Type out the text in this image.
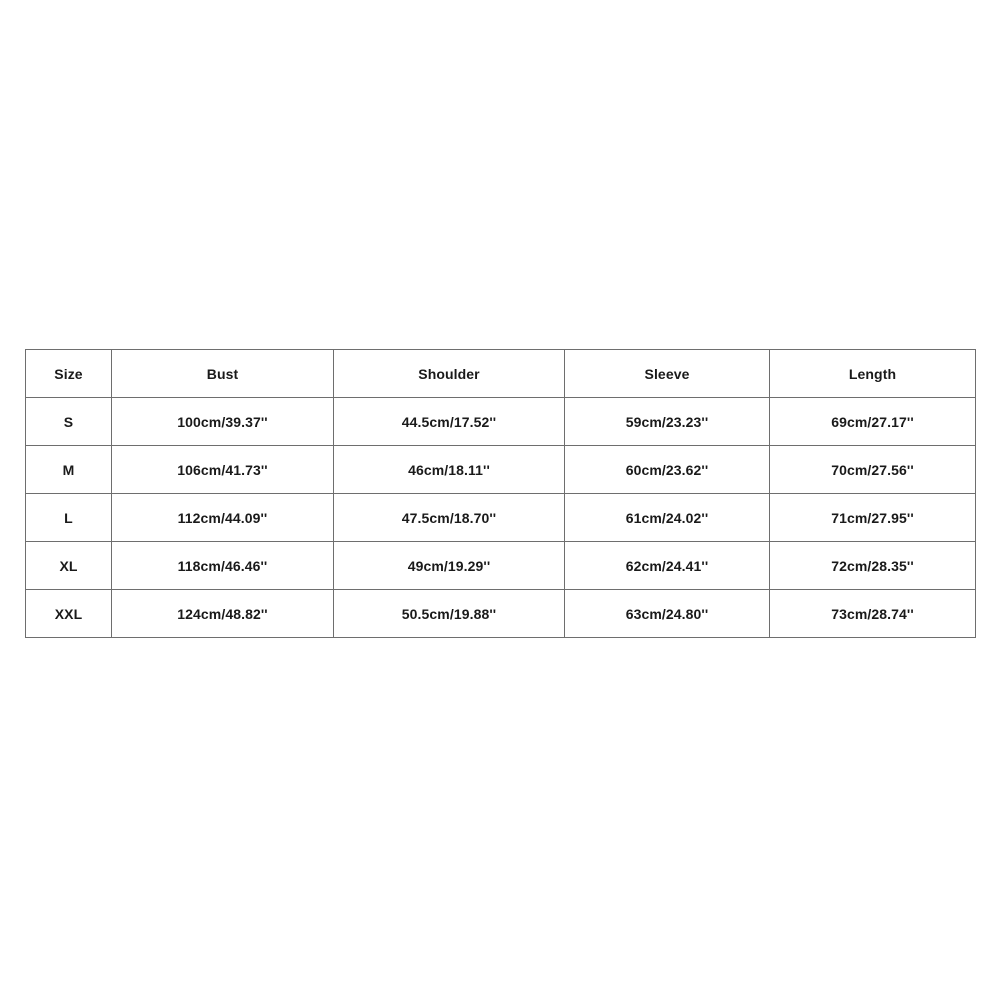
Size	Bust	Shoulder	Sleeve	Length
S	100cm/39.37''	44.5cm/17.52''	59cm/23.23''	69cm/27.17''
M	106cm/41.73''	46cm/18.11''	60cm/23.62''	70cm/27.56''
L	112cm/44.09''	47.5cm/18.70''	61cm/24.02''	71cm/27.95''
XL	118cm/46.46''	49cm/19.29''	62cm/24.41''	72cm/28.35''
XXL	124cm/48.82''	50.5cm/19.88''	63cm/24.80''	73cm/28.74''
